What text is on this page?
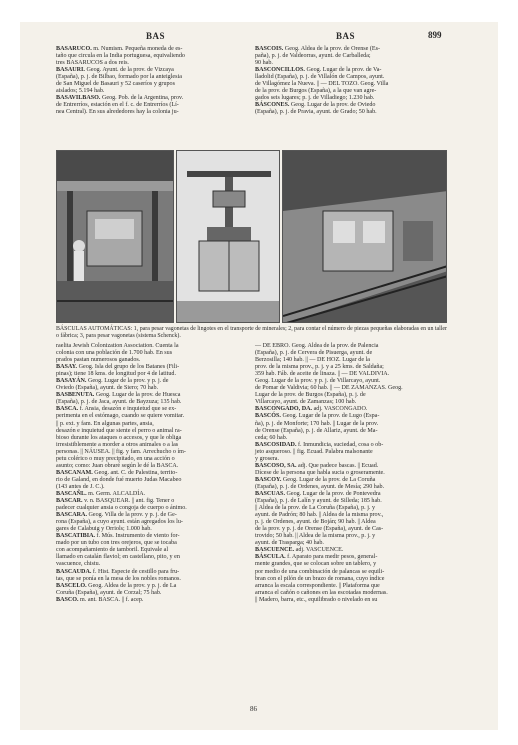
BAS	BAS	899

BASARUCO. m. Numism. Pequeña moneda de es-

taño que circula en la India portuguesa, equivaliendo

tres BASARUCOS a dos reis.

BASAURI. Geog. Ayunt. de la prov. de Vizcaya

(España), p. j. de Bilbao, formado por la anteiglesia

de San Miguel de Basauri y 52 caseríos y grupos

aislados; 5.194 hab.

BASAVILBASO. Geog. Pob. de la Argentina, prov.

de Entrerríos, estación en el f. c. de Entrerríos (Lí-

nea Central). En sus alrededores hay la colonia ju-

BASCOIS. Geog. Aldea de la prov. de Orense (Es-

paña), p. j. de Valdeorras, ayunt. de Carballeda;

90 hab.

BASCONCILLOS. Geog. Lugar de la prov. de Va-

lladolid (España), p. j. de Villalón de Campos, ayunt.

de Villagómez la Nueva. || — DEL TOZO. Geog. Villa

de la prov. de Burgos (España), a la que van agre-

gados seis lugares; p. j. de Villadiego; 1.230 hab.

BÁSCONES. Geog. Lugar de la prov. de Oviedo

(España), p. j. de Pravia, ayunt. de Grado; 50 hab.

BÁSCULAS AUTOMÁTICAS: 1, para pesar vagonetas de lingotes en el transporte de minerales; 2, para contar el número de piezas pequeñas elaboradas en un taller o fábrica; 3, para pesar vagonetas (sistema Schenck).

raelita Jewish Colonization Association. Cuenta la

colonia con una población de 1.700 hab. En sus

prados pastan numerosos ganados.

BASAY. Geog. Isla del grupo de los Batanes (Fili-

pinas); tiene 18 kms. de longitud por 4 de latitud.

BASAYÁN. Geog. Lugar de la prov. y p. j. de

Oviedo (España), ayunt. de Siero; 70 hab.

BASBENUTA. Geog. Lugar de la prov. de Huesca

(España), p. j. de Jaca, ayunt. de Bayzuza; 135 hab.

BASCA. f. Ansia, desazón e inquietud que se ex-

perimenta en el estómago, cuando se quiere vomitar.

|| p. ext. y fam. En algunas partes, ansia,

desazón e inquietud que siente el perro o animal ra-

bioso durante los ataques o accesos, y que le obliga

irresistiblemente a morder a otros animales o a las

personas. || NÁUSEA. || fig. y fam. Arrechucho o ím-

petu colérico o muy precipitado, en una acción o

asunto; como: Juan obraré según le dé la BASCA.

BASCANAM. Geog. ant. C. de Palestina, territo-

rio de Galand, en donde fué muerto Judas Macabeo

(143 antes de J. C.).

BASCAÑL. m. Germ. ALCALDÍA.

BASCAR. v. n. BASQUEAR. || ant. fig. Tener o

padecer cualquier ansia o congoja de cuerpo o ánimo.

BASCARA. Geog. Villa de la prov. y p. j. de Ge-

rona (España), a cuyo ayunt. están agregados los lu-

gares de Calabuig y Orriols; 1.000 hab.

BASCATIBIA. f. Mús. Instrumento de viento for-

mado por un tubo con tres orejeros, que se tocaba

con acompañamiento de tamboril. Equivale al

llamado en catalán flaviol; en castellano, pito, y en

vascuence, chistu.

BASCAUDA. f. Hist. Especie de cestillo para fru-

tas, que se ponía en la mesa de los nobles romanos.

BASCELO. Geog. Aldea de la prov. y p. j. de La

Coruña (España), ayunt. de Corzal; 75 hab.

BASCO. m. ant. BASCA. || f. acep.

— DE EBRO. Geog. Aldea de la prov. de Palencia

(España), p. j. de Cervera de Pisuerga, ayunt. de

Berzosilla; 140 hab. || — DE HOZ. Lugar de la

prov. de la misma prov., p. j. y a 25 kms. de Saldaña;

359 hab. Fáb. de aceite de linaza. || — DE VALDIVIA.

Geog. Lugar de la prov. y p. j. de Villarcayo, ayunt.

de Pomar de Valdivia; 60 hab. || — DE ZAMANZAS. Geog.

Lugar de la prov. de Burgos (España), p. j. de

Villarcayo, ayunt. de Zamanzas; 100 hab.

BASCONGADO, DA. adj. VASCONGADO.

BASCÓS. Geog. Lugar de la prov. de Lugo (Espa-

ña), p. j. de Monforte; 170 hab. || Lugar de la prov.

de Orense (España), p. j. de Allariz, ayunt. de Ma-

ceda; 60 hab.

BASCOSIDAD. f. Inmundicia, suciedad, cosa o ob-

jeto asqueroso. || fig. Ecuad. Palabra malsonante

y grosera.

BASCOSO, SA. adj. Que padece bascas. || Ecuad.

Dícese de la persona que habla sucia o groseramente.

BASCOY. Geog. Lugar de la prov. de La Coruña

(España), p. j. de Ordenes, ayunt. de Mesía; 290 hab.

BASCUAS. Geog. Lugar de la prov. de Pontevedra

(España), p. j. de Lalín y ayunt. de Silleda; 185 hab.

|| Aldea de la prov. de La Coruña (España), p. j. y

ayunt. de Padrón; 80 hab. || Aldea de la misma prov.,

p. j. de Ordenes, ayunt. de Boján; 90 hab. || Aldea

de la prov. y p. j. de Orense (España), ayunt. de Cas-

trovido; 50 hab. || Aldea de la misma prov., p. j. y

ayunt. de Trasparga; 40 hab.

BASCUENCE. adj. VASCUENCE.

BÁSCULA. f. Aparato para medir pesos, general-

mente grandes, que se colocan sobre un tablero, y

por medio de una combinación de palancas se equili-

bran con el pilón de un brazo de romana, cuyo índice

arranca la escala correspondiente. || Plataforma que

arranca el cañón o cañones en las escotadas modernas.

|| Madero, barra, etc., equilibrado o nivelado en su

86
